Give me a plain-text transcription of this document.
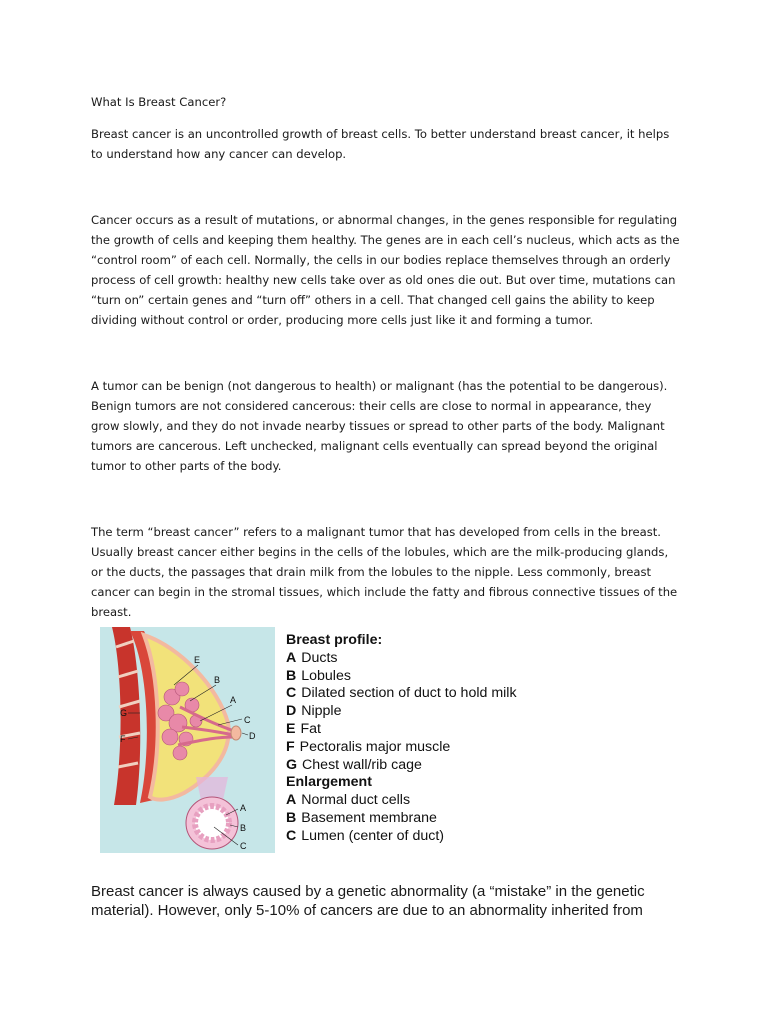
What Is Breast Cancer?

Breast cancer is an uncontrolled growth of breast cells. To better understand breast cancer, it helps to understand how any cancer can develop.

Cancer occurs as a result of mutations, or abnormal changes, in the genes responsible for regulating the growth of cells and keeping them healthy. The genes are in each cell’s nucleus, which acts as the “control room” of each cell. Normally, the cells in our bodies replace themselves through an orderly process of cell growth: healthy new cells take over as old ones die out. But over time, mutations can “turn on” certain genes and “turn off” others in a cell. That changed cell gains the ability to keep dividing without control or order, producing more cells just like it and forming a tumor.

A tumor can be benign (not dangerous to health) or malignant (has the potential to be dangerous). Benign tumors are not considered cancerous: their cells are close to normal in appearance, they grow slowly, and they do not invade nearby tissues or spread to other parts of the body. Malignant tumors are cancerous. Left unchecked, malignant cells eventually can spread beyond the original tumor to other parts of the body.

The term “breast cancer” refers to a malignant tumor that has developed from cells in the breast. Usually breast cancer either begins in the cells of the lobules, which are the milk-producing glands, or the ducts, the passages that drain milk from the lobules to the nipple. Less commonly, breast cancer can begin in the stromal tissues, which include the fatty and fibrous connective tissues of the breast.

E
B
G
A
C
F	D
A
B
C
Breast profile:
A Ducts
B Lobules
C Dilated section of duct to hold milk
D Nipple
E Fat
F Pectoralis major muscle
G Chest wall/rib cage
Enlargement
A Normal duct cells
B Basement membrane
C Lumen (center of duct)

Breast cancer is always caused by a genetic abnormality (a “mistake” in the genetic material). However, only 5-10% of cancers are due to an abnormality inherited from
